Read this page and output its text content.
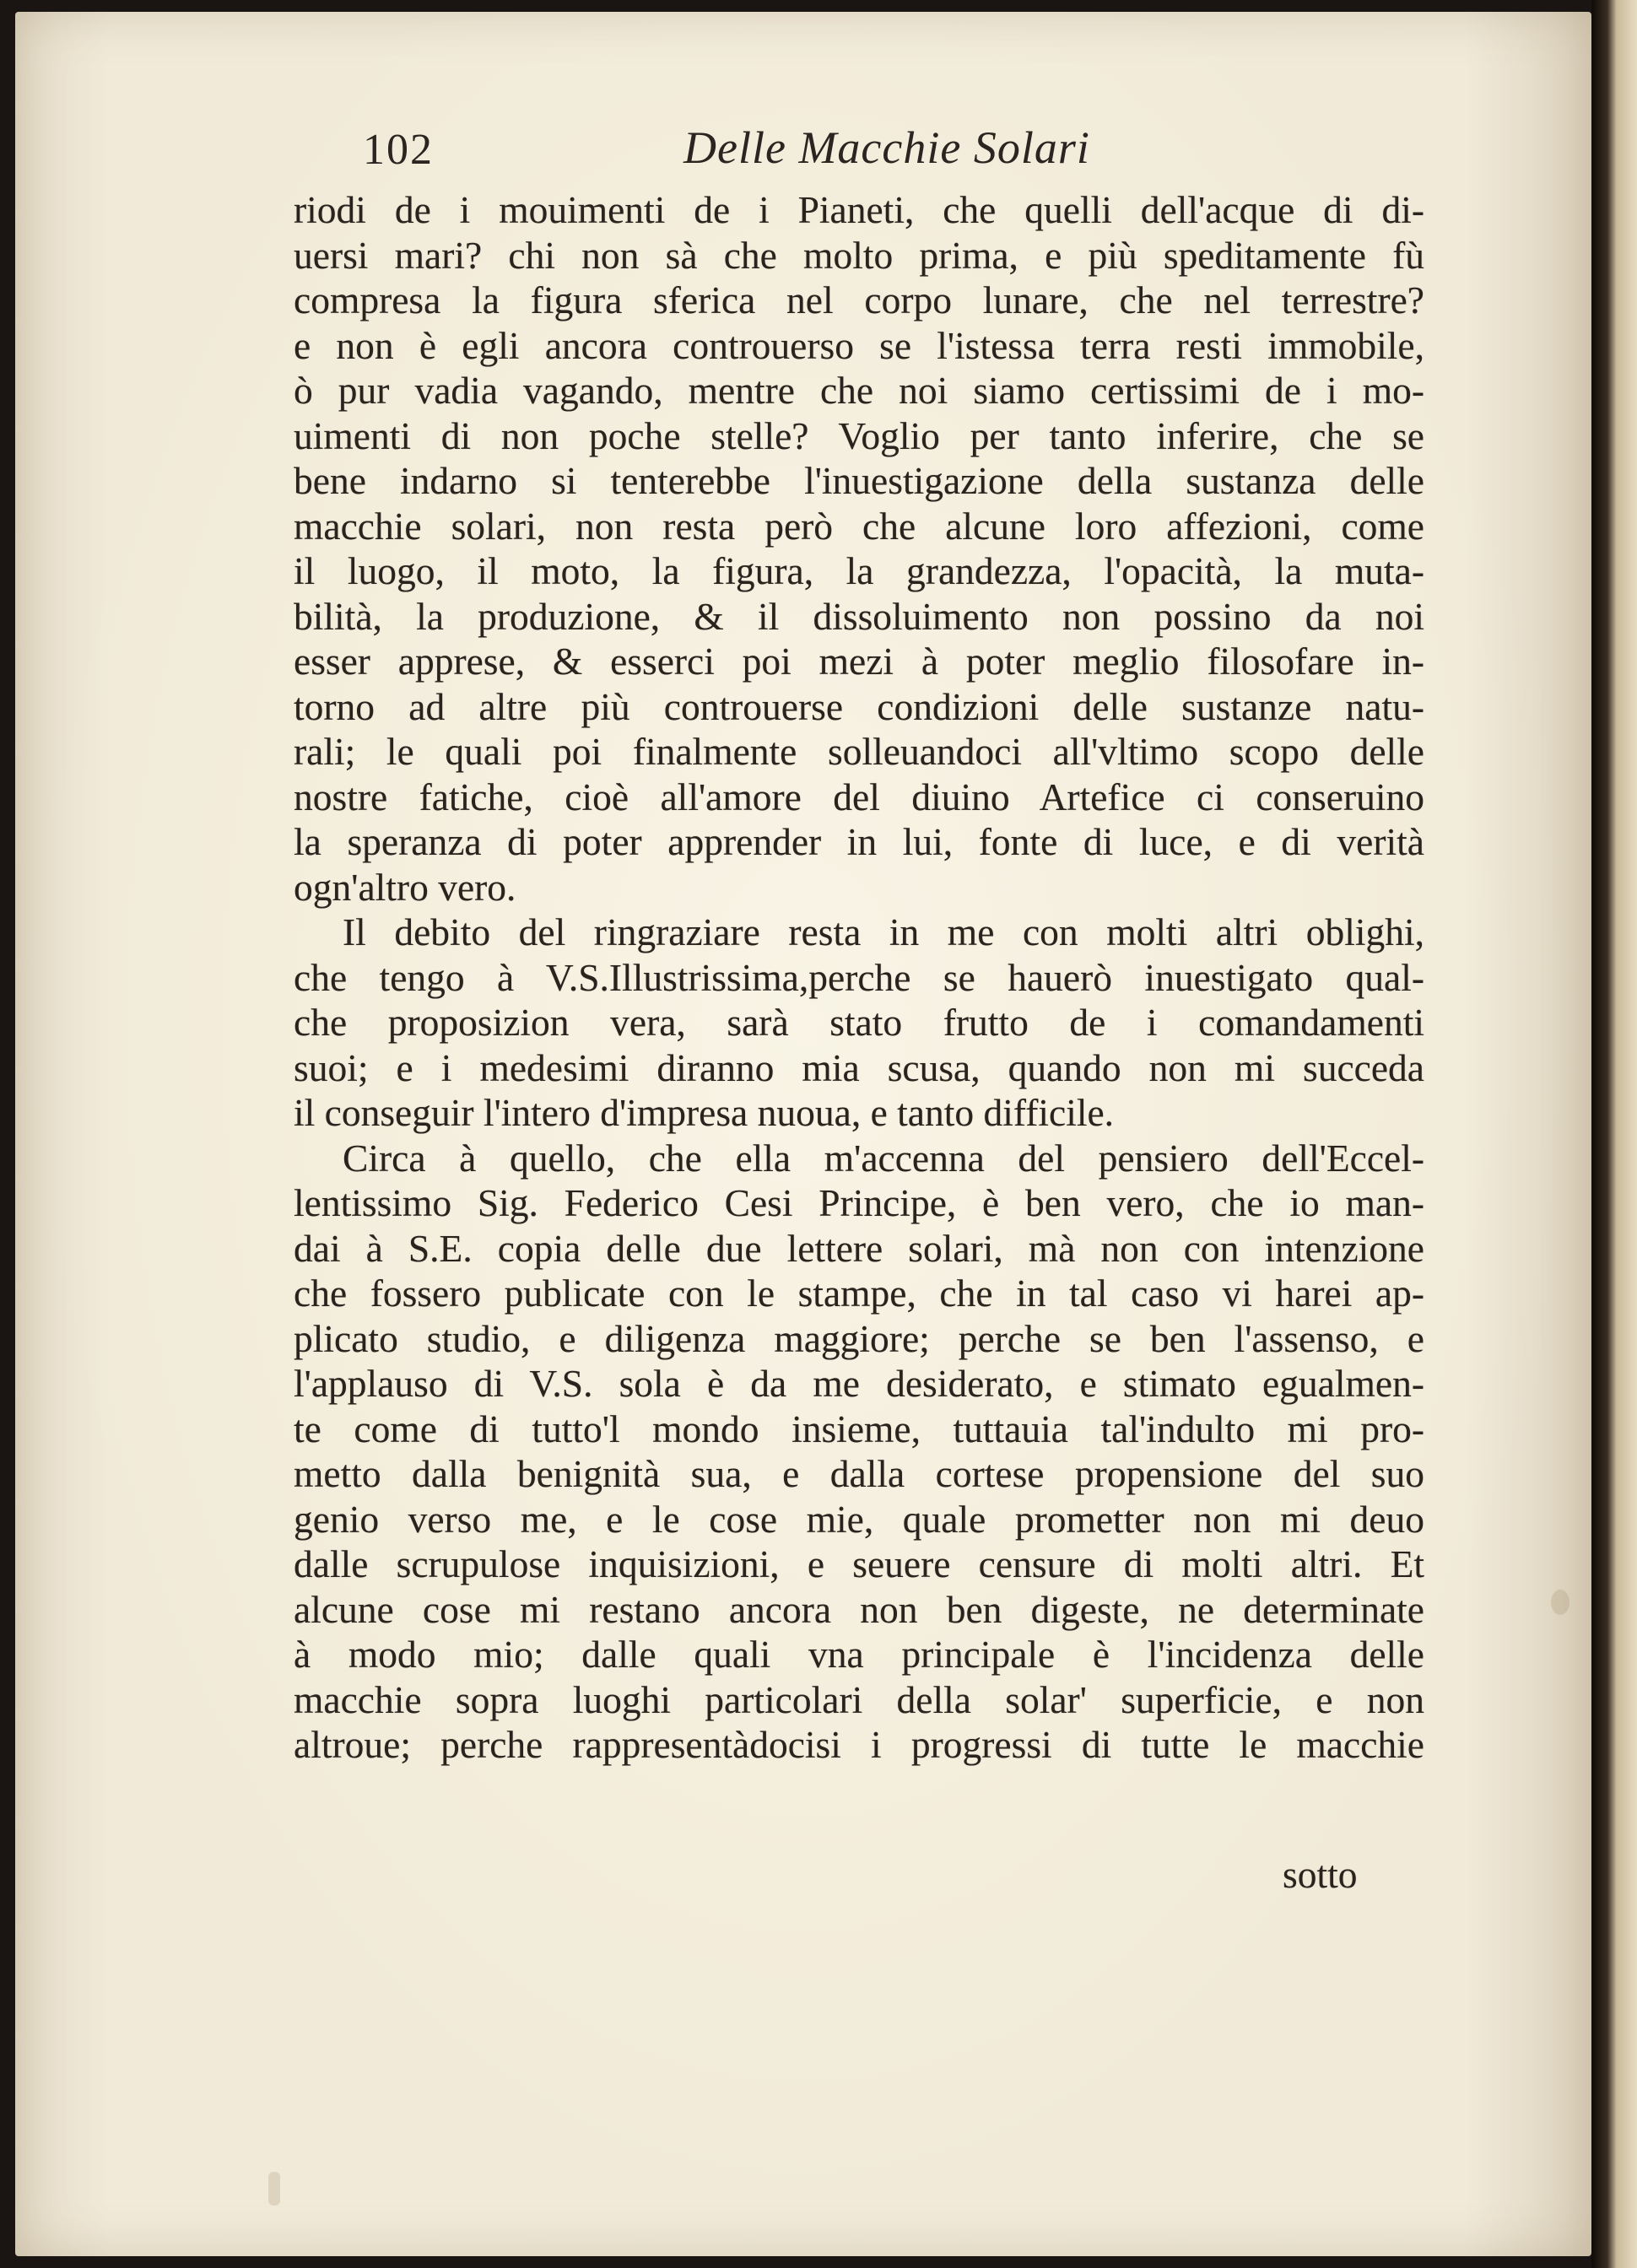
102	Delle Macchie Solari
riodi de i mouimenti de i Pianeti, che quelli dell'acque di di-
uersi mari? chi non sà che molto prima, e più speditamente fù
compresa la figura sferica nel corpo lunare, che nel terrestre?
e non è egli ancora controuerso se l'istessa terra resti immobile,
ò pur vadia vagando, mentre che noi siamo certissimi de i mo-
uimenti di non poche stelle? Voglio per tanto inferire, che se
bene indarno si tenterebbe l'inuestigazione della sustanza delle
macchie solari, non resta però che alcune loro affezioni, come
il luogo, il moto, la figura, la grandezza, l'opacità, la muta-
bilità, la produzione, & il dissoluimento non possino da noi
esser apprese, & esserci poi mezi à poter meglio filosofare in-
torno ad altre più controuerse condizioni delle sustanze natu-
rali; le quali poi finalmente solleuandoci all'vltimo scopo delle
nostre fatiche, cioè all'amore del diuino Artefice ci conseruino
la speranza di poter apprender in lui, fonte di luce, e di verità
ogn'altro vero.
Il debito del ringraziare resta in me con molti altri oblighi,
che tengo à V.S.Illustrissima,perche se hauerò inuestigato qual-
che proposizion vera, sarà stato frutto de i comandamenti
suoi; e i medesimi diranno mia scusa, quando non mi succeda
il conseguir l'intero d'impresa nuoua, e tanto difficile.
Circa à quello, che ella m'accenna del pensiero dell'Eccel-
lentissimo Sig. Federico Cesi Principe, è ben vero, che io man-
dai à S.E. copia delle due lettere solari, mà non con intenzione
che fossero publicate con le stampe, che in tal caso vi harei ap-
plicato studio, e diligenza maggiore; perche se ben l'assenso, e
l'applauso di V.S. sola è da me desiderato, e stimato egualmen-
te come di tutto'l mondo insieme, tuttauia tal'indulto mi pro-
metto dalla benignità sua, e dalla cortese propensione del suo
genio verso me, e le cose mie, quale prometter non mi deuo
dalle scrupulose inquisizioni, e seuere censure di molti altri. Et
alcune cose mi restano ancora non ben digeste, ne determinate
à modo mio; dalle quali vna principale è l'incidenza delle
macchie sopra luoghi particolari della solar' superficie, e non
altroue; perche rappresentàdocisi i progressi di tutte le macchie
sotto
